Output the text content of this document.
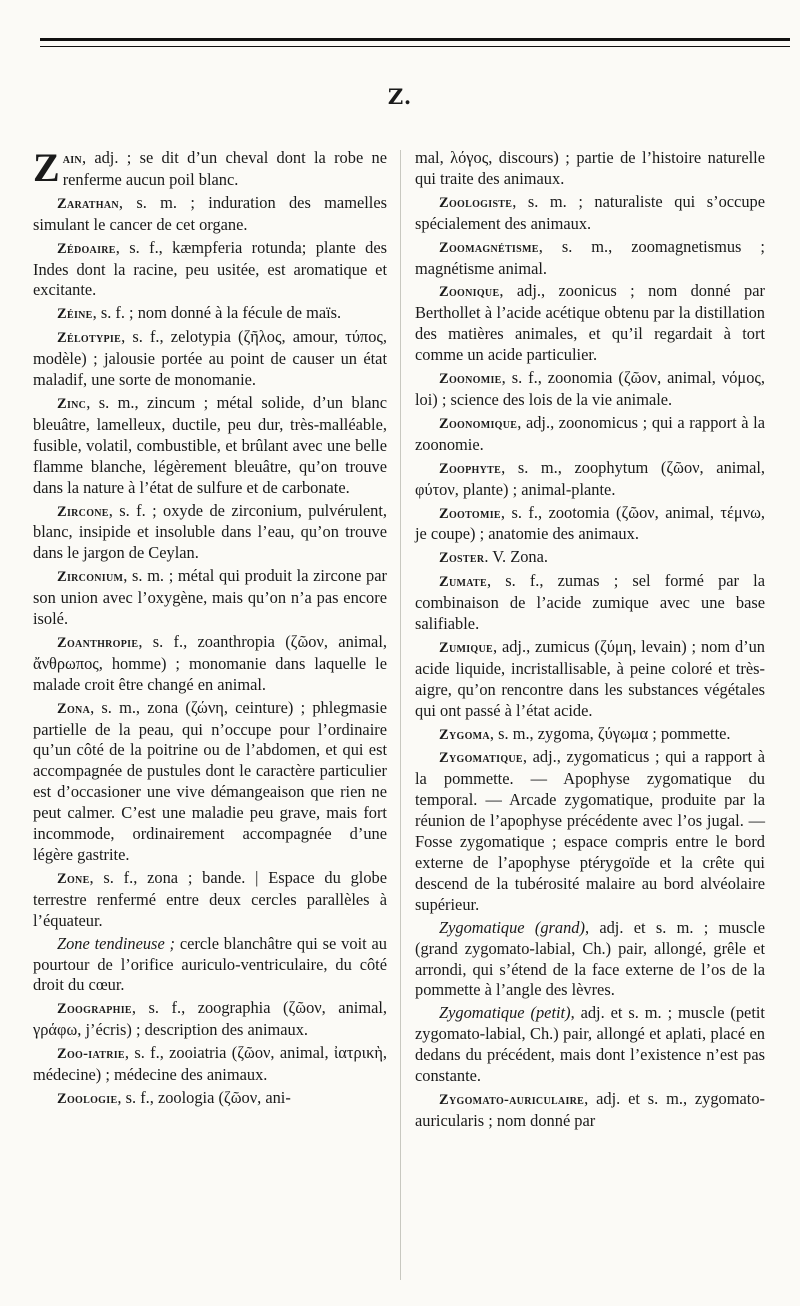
Z.

Zain, adj. ; se dit d’un cheval dont la robe ne renferme aucun poil blanc.

Zarathan, s. m. ; induration des mamelles simulant le cancer de cet organe.

Zédoaire, s. f., kæmpferia rotunda; plante des Indes dont la racine, peu usitée, est aromatique et excitante.

Zéine, s. f. ; nom donné à la fécule de maïs.

Zélotypie, s. f., zelotypia (ζῆλος, amour, τύπος, modèle) ; jalousie portée au point de causer un état maladif, une sorte de monomanie.

Zinc, s. m., zincum ; métal solide, d’un blanc bleuâtre, lamelleux, ductile, peu dur, très-malléable, fusible, volatil, combustible, et brûlant avec une belle flamme blanche, légèrement bleuâtre, qu’on trouve dans la nature à l’état de sulfure et de carbonate.

Zircone, s. f. ; oxyde de zirconium, pulvérulent, blanc, insipide et insoluble dans l’eau, qu’on trouve dans le jargon de Ceylan.

Zirconium, s. m. ; métal qui produit la zircone par son union avec l’oxygène, mais qu’on n’a pas encore isolé.

Zoanthropie, s. f., zoanthropia (ζῶον, animal, ἄνθρωπος, homme) ; monomanie dans laquelle le malade croit être changé en animal.

Zona, s. m., zona (ζώνη, ceinture) ; phlegmasie partielle de la peau, qui n’occupe pour l’ordinaire qu’un côté de la poitrine ou de l’abdomen, et qui est accompagnée de pustules dont le caractère particulier est d’occasioner une vive démangeaison que rien ne peut calmer. C’est une maladie peu grave, mais fort incommode, ordinairement accompagnée d’une légère gastrite.

Zone, s. f., zona ; bande. | Espace du globe terrestre renfermé entre deux cercles parallèles à l’équateur.

Zone tendineuse ; cercle blanchâtre qui se voit au pourtour de l’orifice auriculo-ventriculaire, du côté droit du cœur.

Zoographie, s. f., zoographia (ζῶον, animal, γράφω, j’écris) ; description des animaux.

Zoo-iatrie, s. f., zooiatria (ζῶον, animal, ἰατρικὴ, médecine) ; médecine des animaux.

Zoologie, s. f., zoologia (ζῶον, ani-

mal, λόγος, discours) ; partie de l’histoire naturelle qui traite des animaux.

Zoologiste, s. m. ; naturaliste qui s’occupe spécialement des animaux.

Zoomagnétisme, s. m., zoomagnetismus ; magnétisme animal.

Zoonique, adj., zoonicus ; nom donné par Berthollet à l’acide acétique obtenu par la distillation des matières animales, et qu’il regardait à tort comme un acide particulier.

Zoonomie, s. f., zoonomia (ζῶον, animal, νόμος, loi) ; science des lois de la vie animale.

Zoonomique, adj., zoonomicus ; qui a rapport à la zoonomie.

Zoophyte, s. m., zoophytum (ζῶον, animal, φύτον, plante) ; animal-plante.

Zootomie, s. f., zootomia (ζῶον, animal, τέμνω, je coupe) ; anatomie des animaux.

Zoster. V. Zona.

Zumate, s. f., zumas ; sel formé par la combinaison de l’acide zumique avec une base salifiable.

Zumique, adj., zumicus (ζύμη, levain) ; nom d’un acide liquide, incristallisable, à peine coloré et très-aigre, qu’on rencontre dans les substances végétales qui ont passé à l’état acide.

Zygoma, s. m., zygoma, ζύγωμα ; pommette.

Zygomatique, adj., zygomaticus ; qui a rapport à la pommette. — Apophyse zygomatique du temporal. — Arcade zygomatique, produite par la réunion de l’apophyse précédente avec l’os jugal. — Fosse zygomatique ; espace compris entre le bord externe de l’apophyse ptérygoïde et la crête qui descend de la tubérosité malaire au bord alvéolaire supérieur.

Zygomatique (grand), adj. et s. m. ; muscle (grand zygomato-labial, Ch.) pair, allongé, grêle et arrondi, qui s’étend de la face externe de l’os de la pommette à l’angle des lèvres.

Zygomatique (petit), adj. et s. m. ; muscle (petit zygomato-labial, Ch.) pair, allongé et aplati, placé en dedans du précédent, mais dont l’existence n’est pas constante.

Zygomato-auriculaire, adj. et s. m., zygomato-auricularis ; nom donné par
